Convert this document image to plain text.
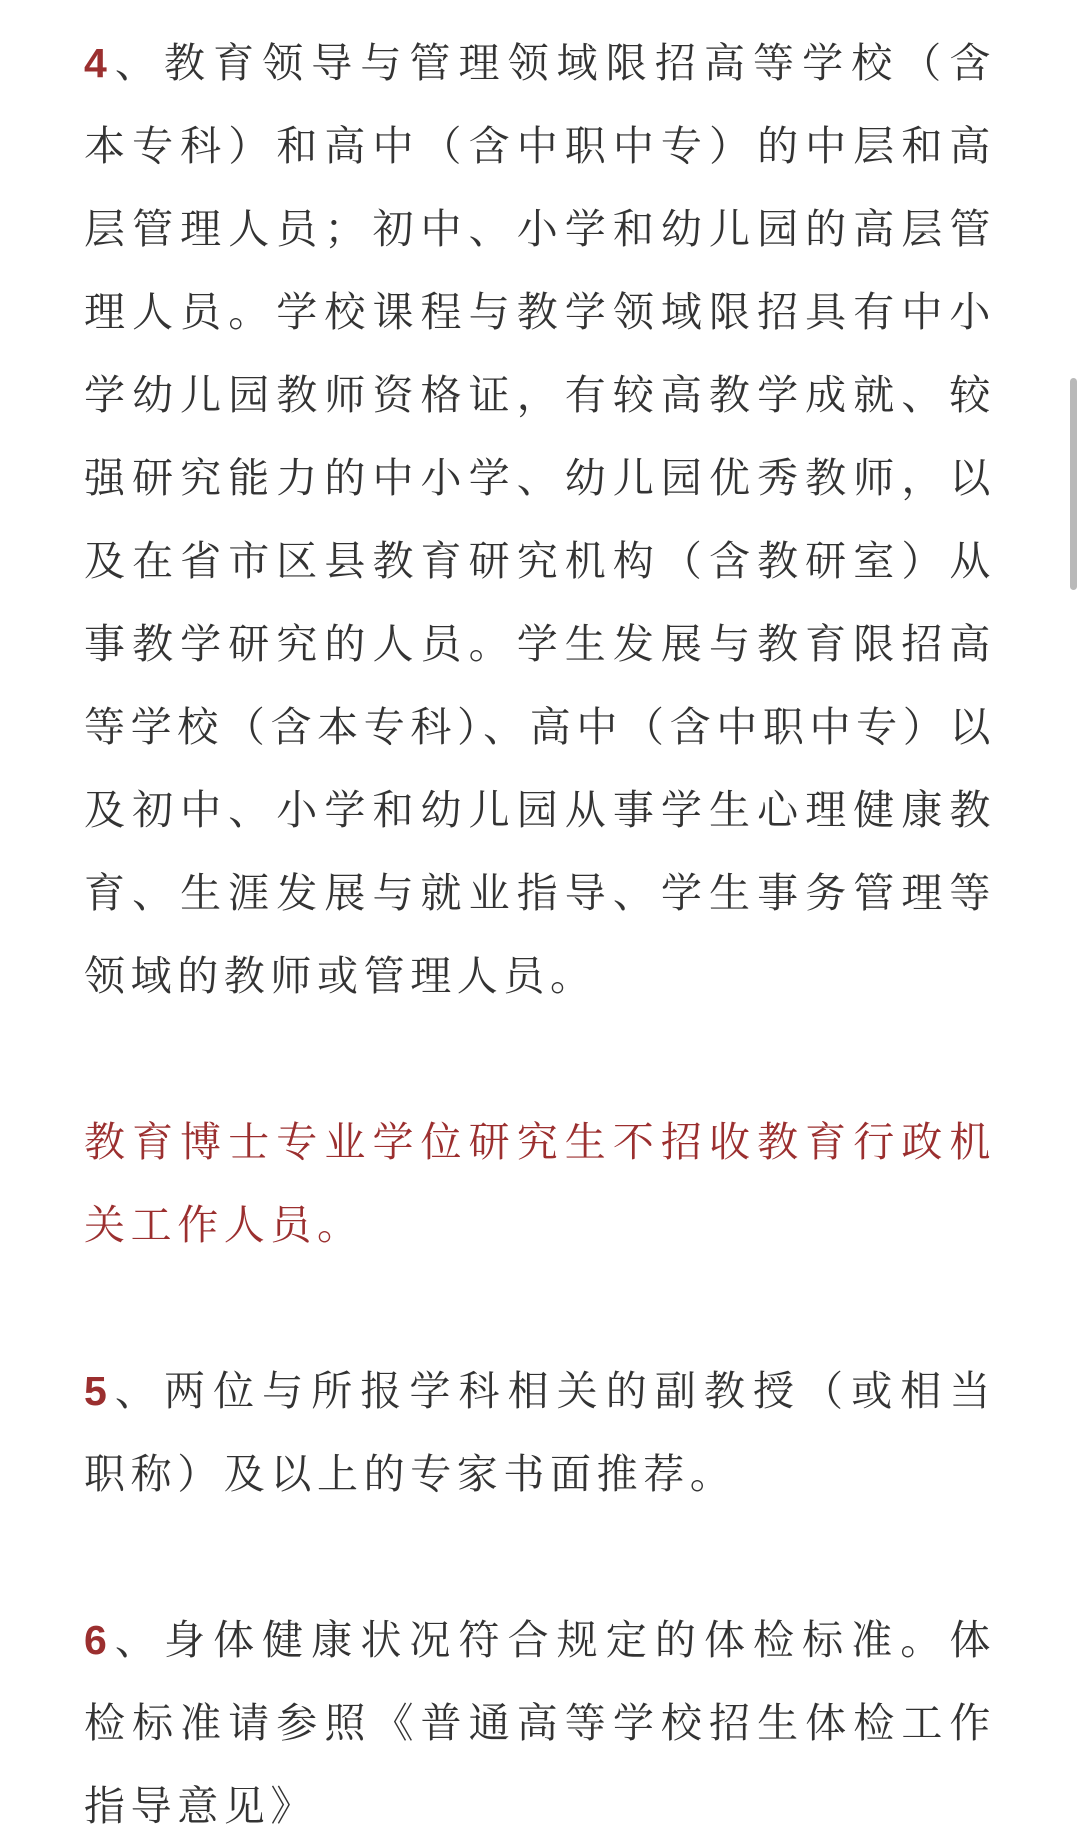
4、教育领导与管理领域限招高等学校（含本专科）和高中（含中职中专）的中层和高层管理人员；初中、小学和幼儿园的高层管理人员。学校课程与教学领域限招具有中小学幼儿园教师资格证，有较高教学成就、较强研究能力的中小学、幼儿园优秀教师，以及在省市区县教育研究机构（含教研室）从事教学研究的人员。学生发展与教育限招高等学校（含本专科）、高中（含中职中专）以及初中、小学和幼儿园从事学生心理健康教育、生涯发展与就业指导、学生事务管理等领域的教师或管理人员。

教育博士专业学位研究生不招收教育行政机关工作人员。

5、两位与所报学科相关的副教授（或相当职称）及以上的专家书面推荐。

6、身体健康状况符合规定的体检标准。体检标准请参照《普通高等学校招生体检工作指导意见》
